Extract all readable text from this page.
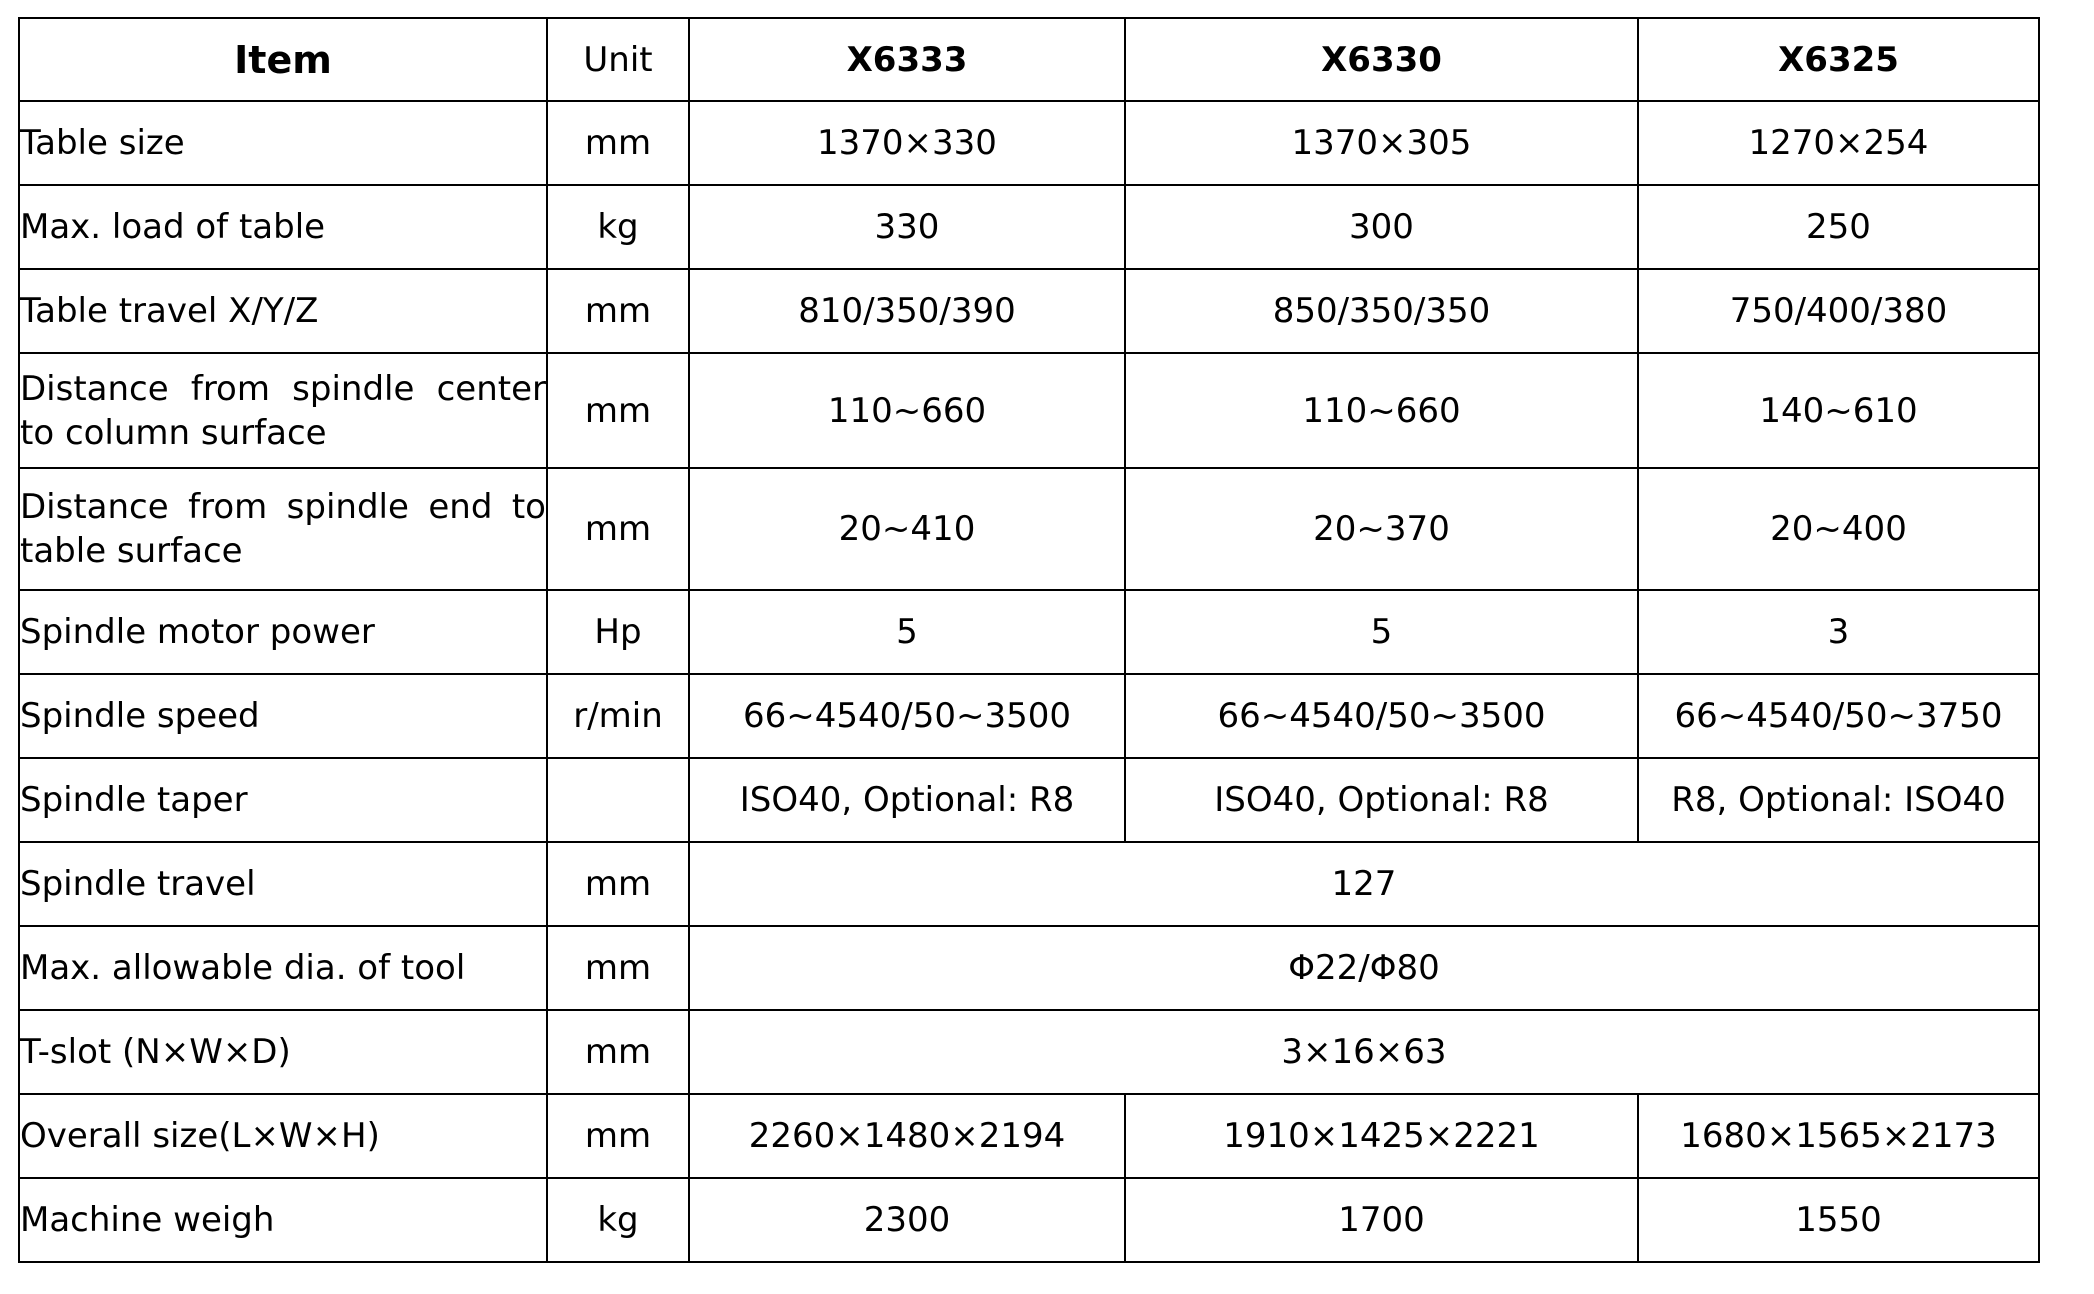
Item	Unit	X6333	X6330	X6325
Table size	mm	1370×330	1370×305	1270×254
Max. load of table	kg	330	300	250
Table travel X/Y/Z	mm	810/350/390	850/350/350	750/400/380
Distance from spindle center to column surface	mm	110~660	110~660	140~610
Distance from spindle end to table surface	mm	20~410	20~370	20~400
Spindle motor power	Hp	5	5	3
Spindle speed	r/min	66~4540/50~3500	66~4540/50~3500	66~4540/50~3750
Spindle taper		ISO40, Optional: R8	ISO40, Optional: R8	R8, Optional: ISO40
Spindle travel	mm	127		
Max. allowable dia. of tool	mm	Φ22/Φ80		
T-slot (N×W×D)	mm	3×16×63		
Overall size(L×W×H)	mm	2260×1480×2194	1910×1425×2221	1680×1565×2173
Machine weigh	kg	2300	1700	1550
